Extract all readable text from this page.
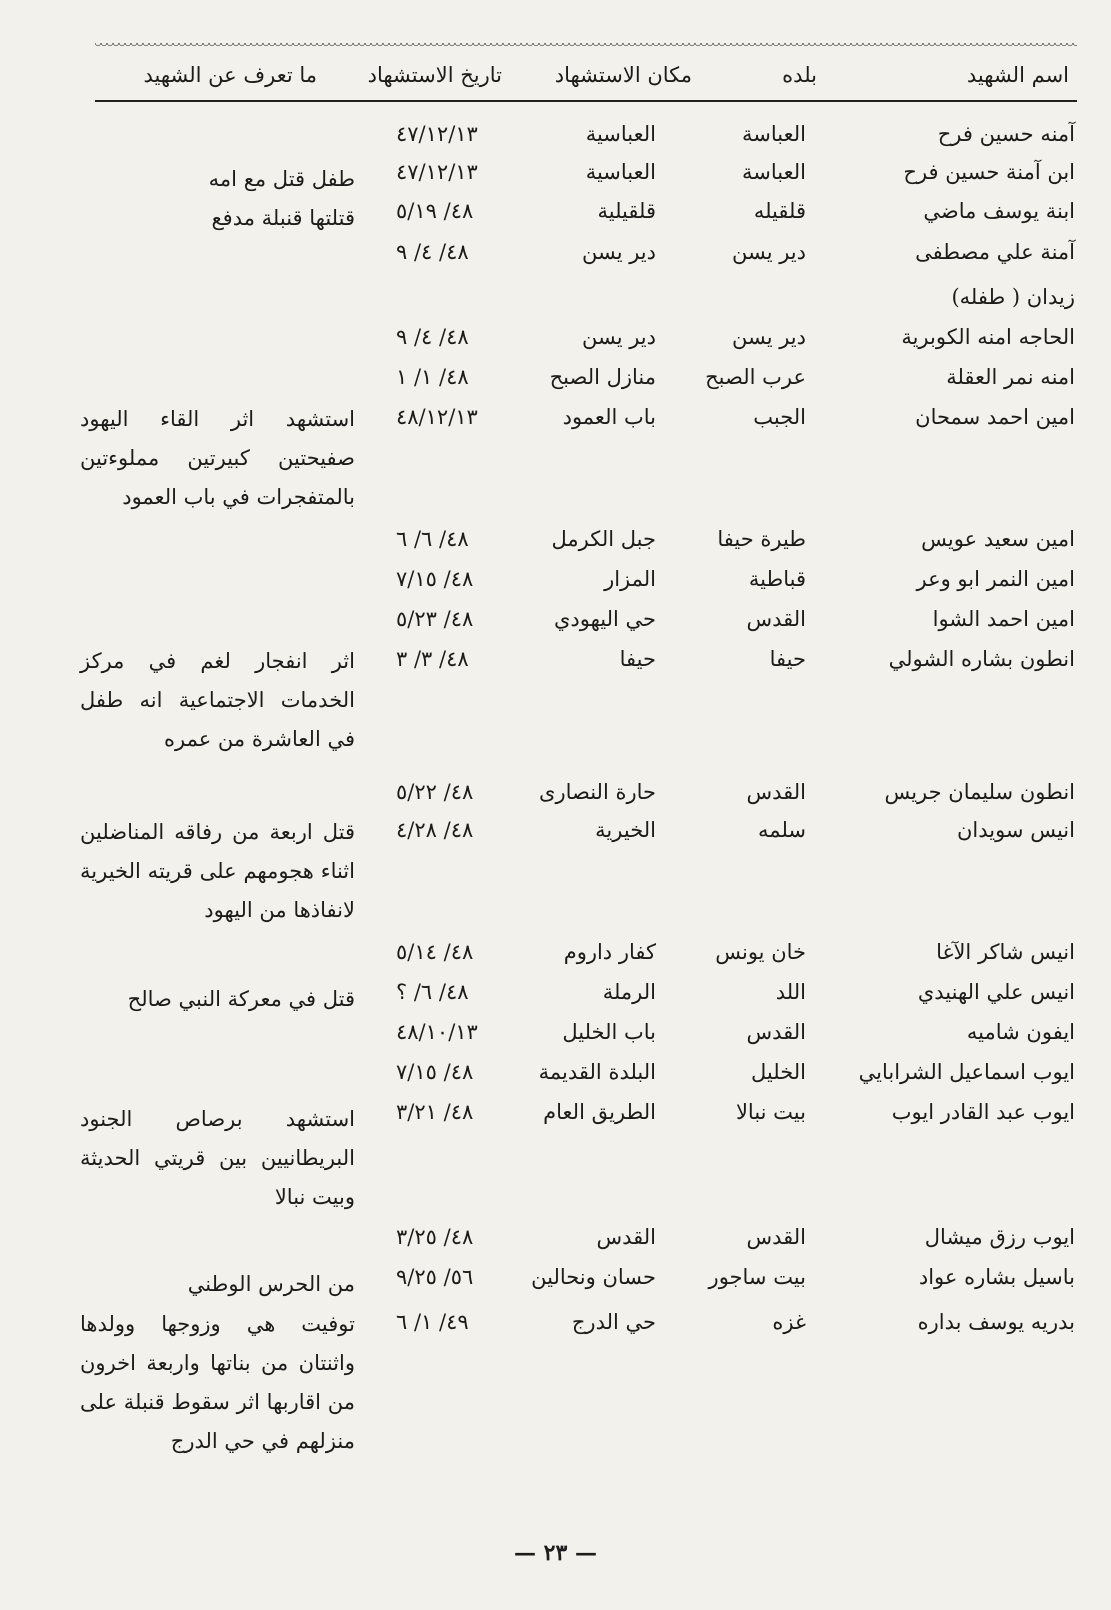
اسم الشهيد
بلده
مكان الاستشهاد
تاريخ الاستشهاد
ما تعرف عن الشهيد
آمنه حسين فرح
العباسة
العباسية
٤٧/١٢/١٣
ابن آمنة حسين فرح
العباسة
العباسية
٤٧/١٢/١٣
ابنة يوسف ماضي
قلقيله
قلقيلية
٤٨/ ٥/١٩
آمنة علي مصطفى
دير يسن
دير يسن
٤٨/ ٤/ ٩
زيدان ( طفله)
الحاجه امنه الكوبرية
دير يسن
دير يسن
٤٨/ ٤/ ٩
امنه نمر العقلة
عرب الصبح
منازل الصبح
٤٨/ ١/ ١
امين احمد سمحان
الجبب
باب العمود
٤٨/١٢/١٣
امين سعيد عويس
طيرة حيفا
جبل الكرمل
٤٨/ ٦/ ٦
امين النمر ابو وعر
قباطية
المزار
٤٨/ ٧/١٥
امين احمد الشوا
القدس
حي اليهودي
٤٨/ ٥/٢٣
انطون بشاره الشولي
حيفا
حيفا
٤٨/ ٣/ ٣
انطون سليمان جريس
القدس
حارة النصارى
٤٨/ ٥/٢٢
انيس سويدان
سلمه
الخيرية
٤٨/ ٤/٢٨
انيس شاكر الآغا
خان يونس
كفار داروم
٤٨/ ٥/١٤
انيس علي الهنيدي
اللد
الرملة
٤٨/ ٦/ ؟
ايفون شاميه
القدس
باب الخليل
٤٨/١٠/١٣
ايوب اسماعيل الشرابايي
الخليل
البلدة القديمة
٤٨/ ٧/١٥
ايوب عبد القادر ايوب
بيت نبالا
الطريق العام
٤٨/ ٣/٢١
ايوب رزق ميشال
القدس
القدس
٤٨/ ٣/٢٥
باسيل بشاره عواد
بيت ساجور
حسان ونحالين
٥٦/ ٩/٢٥
بدريه يوسف بداره
غزه
حي الدرج
٤٩/ ١/ ٦
طفل قتل مع امه
قتلتها قنبلة مدفع
استشهد اثر القاء اليهود صفيحتين كبيرتين مملوءتين بالمتفجرات في باب العمود
اثر انفجار لغم في مركز الخدمات الاجتماعية انه طفل في العاشرة من عمره
قتل اربعة من رفاقه المناضلين اثناء هجومهم على قريته الخيرية لانفاذها من اليهود
قتل في معركة النبي صالح
استشهد برصاص الجنود البريطانيين بين قريتي الحديثة وبيت نبالا
من الحرس الوطني
توفيت هي وزوجها وولدها واثنتان من بناتها واربعة اخرون من اقاربها اثر سقوط قنبلة على منزلهم في حي الدرج
— ٢٣ —
